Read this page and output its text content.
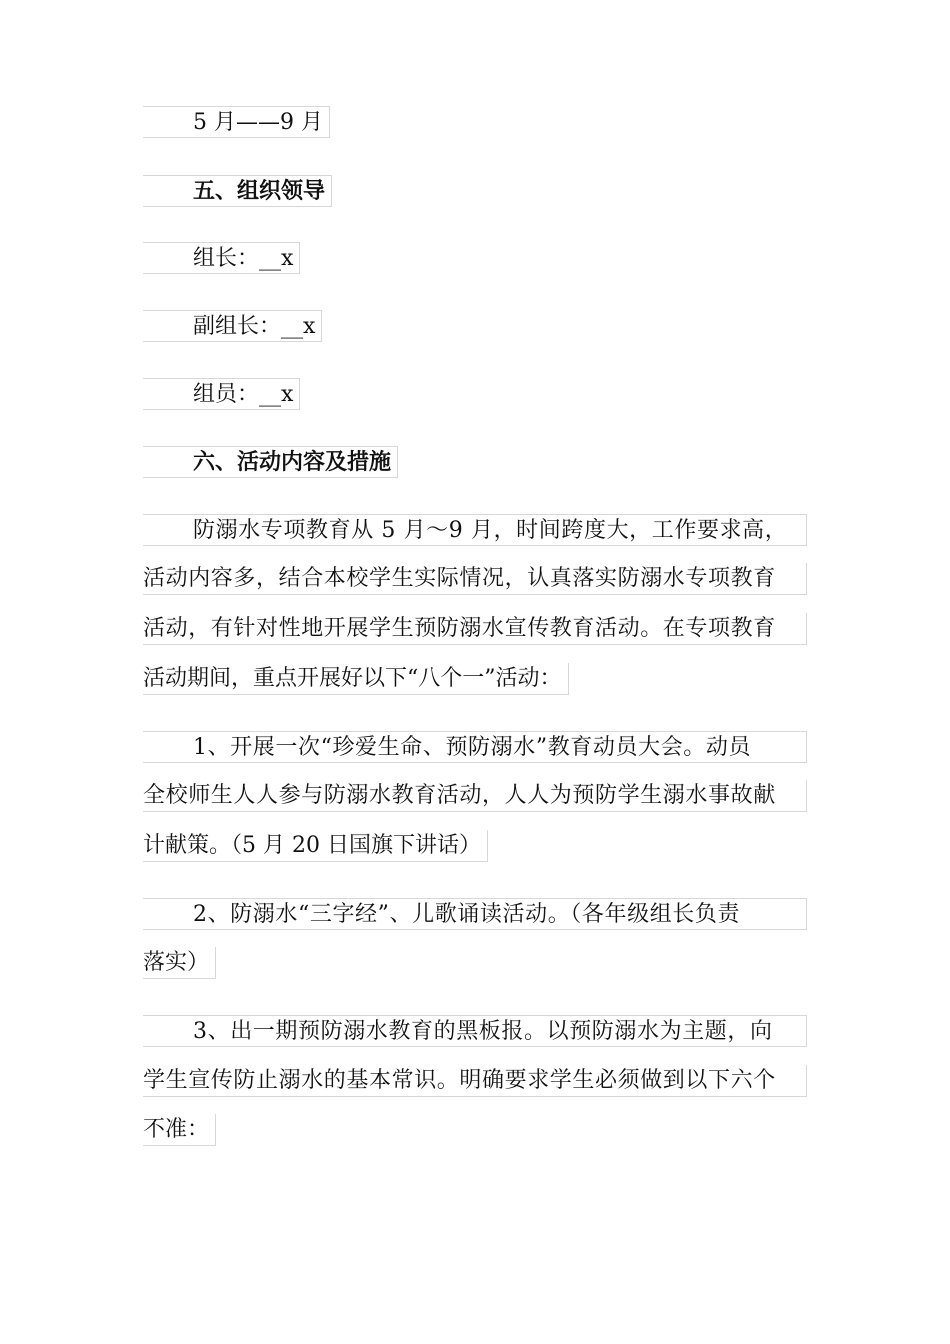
5 月——9 月
五、组织领导
组长：__x
副组长：__x
组员：__x
六、活动内容及措施
防溺水专项教育从 5 月～9 月，时间跨度大，工作要求高，
活动内容多，结合本校学生实际情况，认真落实防溺水专项教育
活动，有针对性地开展学生预防溺水宣传教育活动。在专项教育
活动期间，重点开展好以下“八个一”活动：
1、开展一次“珍爱生命、预防溺水”教育动员大会。动员
全校师生人人参与防溺水教育活动，人人为预防学生溺水事故献
计献策。（5 月 20 日国旗下讲话）
2、防溺水“三字经”、儿歌诵读活动。（各年级组长负责
落实）
3、出一期预防溺水教育的黑板报。以预防溺水为主题，向
学生宣传防止溺水的基本常识。明确要求学生必须做到以下六个
不准：
